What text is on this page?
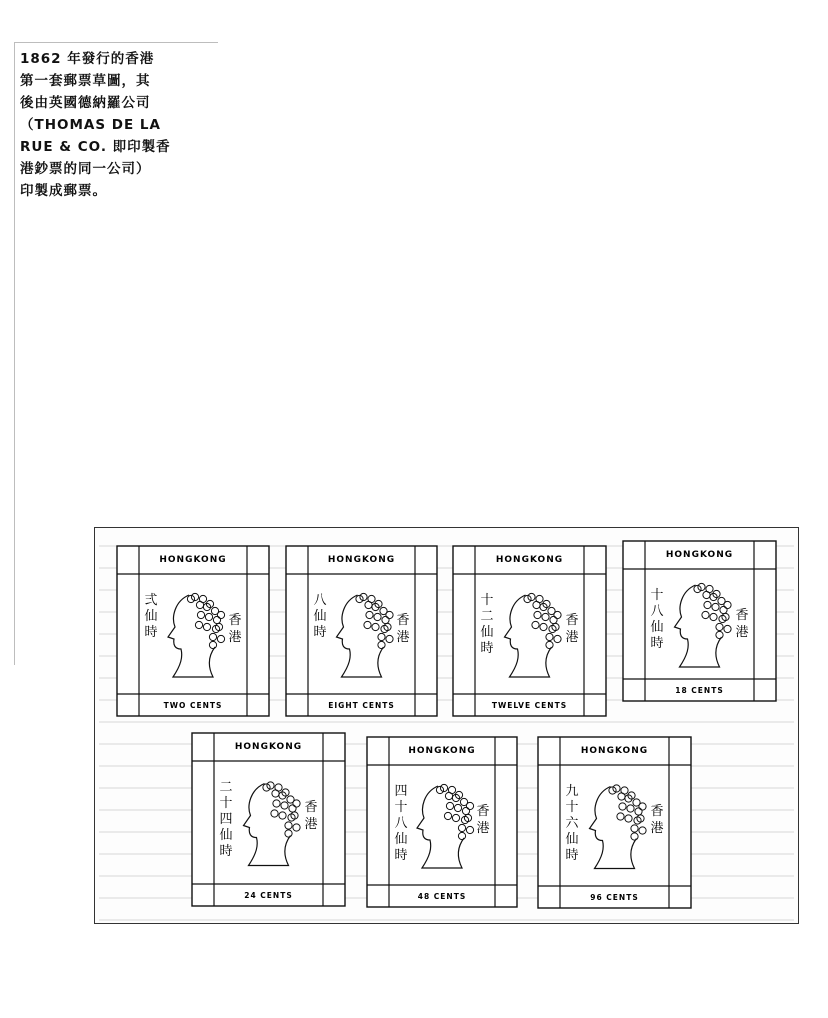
1862 年發行的香港
第一套郵票草圖，其
後由英國德納羅公司
（THOMAS DE LA
RUE & CO. 即印製香
港鈔票的同一公司）
印製成郵票。
HONGKONG
TWO CENTS
弍
仙
時
香
港
HONGKONG
EIGHT CENTS
八
仙
時
香
港
HONGKONG
TWELVE CENTS
十
二
仙
時
香
港
HONGKONG
18 CENTS
十
八
仙
時
香
港
HONGKONG
24 CENTS
二
十
四
仙
時
香
港
HONGKONG
48 CENTS
四
十
八
仙
時
香
港
HONGKONG
96 CENTS
九
十
六
仙
時
香
港
